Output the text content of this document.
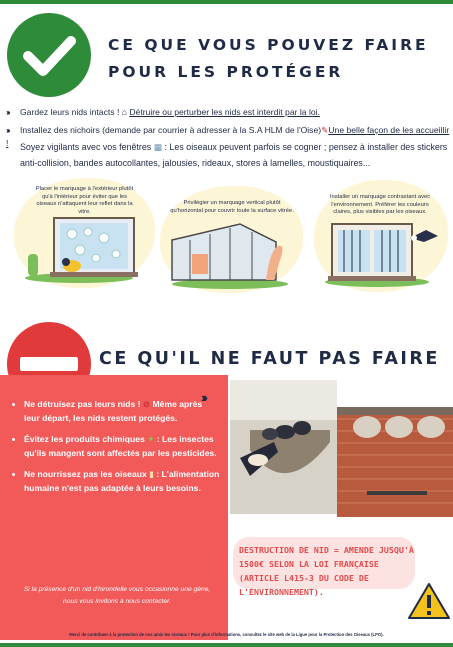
CE QUE VOUS POUVEZ FAIRE
POUR LES PROTÉGER
››› Gardez leurs nids intacts ! ⌂ Détruire ou perturber les nids est interdit par la loi.
››› Installez des nichoirs (demande par courrier à adresser à la S.A HLM de l'Oise)✎Une belle façon de les accueillir !	Soyez vigilants avec vos fenêtres ▦ : Les oiseaux peuvent parfois se cogner ; pensez à installer des stickers anti-collision, bandes autocollantes, jalousies, rideaux, stores à lamelles, moustiquaires...
Placer le marquage à l'extérieur plutôt qu'à l'intérieur pour éviter que les oiseaux n'attaquent leur reflet dans la vitre.
Privilégier un marquage vertical plutôt qu'horizontal pour couvrir toute la surface vitrée.
Installer un marquage contrastant avec l'environnement. Préférer les couleurs claires, plus visibles par les oiseaux.
CE QU'IL NE FAUT PAS FAIRE
›››
• Ne détruisez pas leurs nids ! ⊘ Même après leur départ, les nids restent protégés.
• Évitez les produits chimiques ✦ : Les insectes qu'ils mangent sont affectés par les pesticides.
• Ne nourrissez pas les oiseaux ▮ : L'alimentation humaine n'est pas adaptée à leurs besoins.
Si la présence d'un nid d'hirondelle vous occasionne une gêne, nous vous invitons à nous contacter.
DESTRUCTION DE NID = AMENDE JUSQU'À 1500€ SELON LA LOI FRANÇAISE (ARTICLE L415-3 DU CODE DE L'ENVIRONNEMENT).
Merci de contribuer à la protection de nos amis les oiseaux ! Pour plus d'informations, consultez le site web de la Ligue pour la Protection des Oiseaux (LPO).
